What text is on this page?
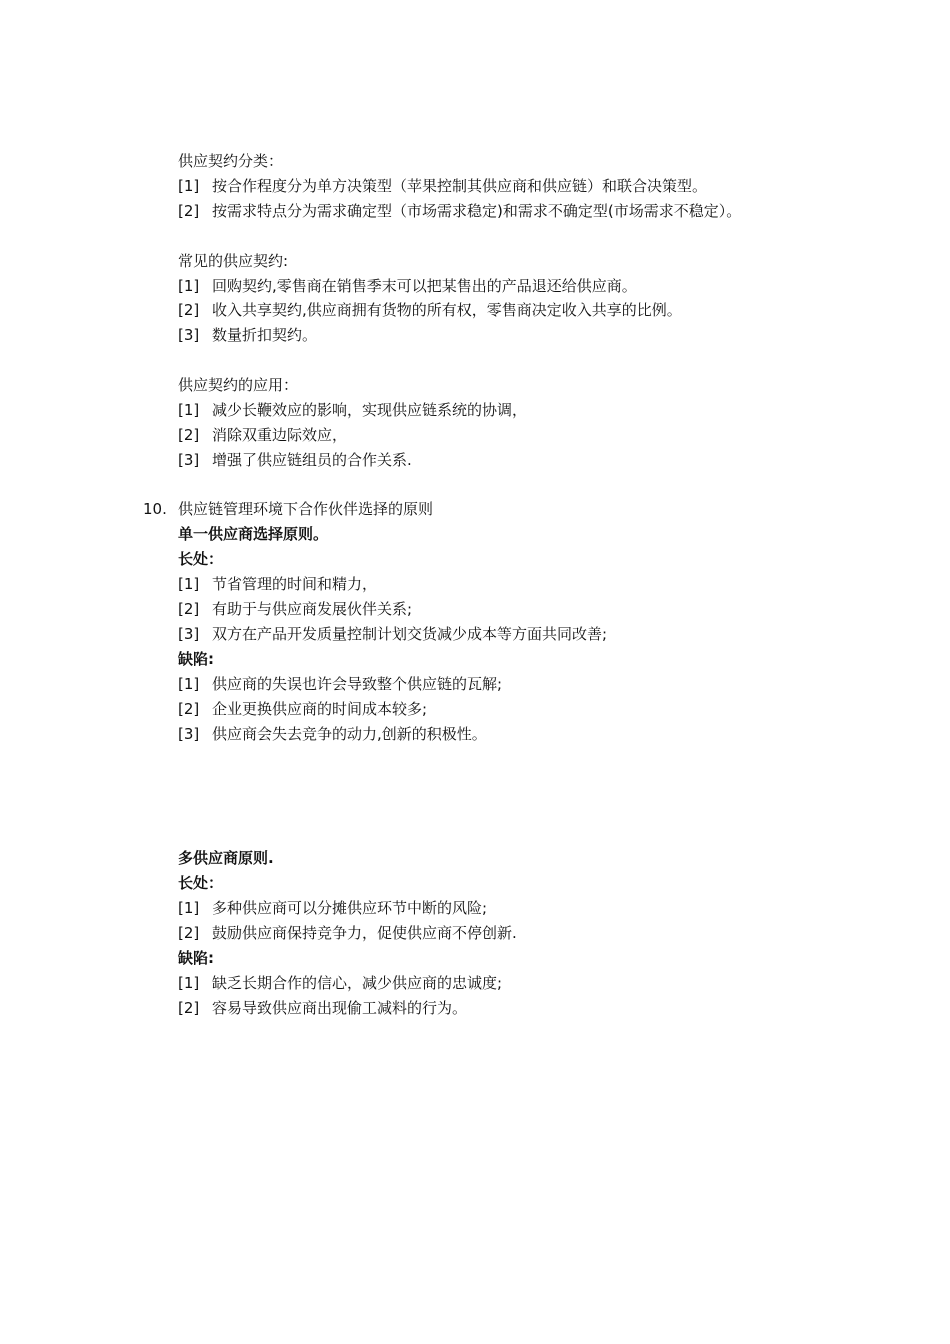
供应契约分类：
[1] 按合作程度分为单方决策型（苹果控制其供应商和供应链）和联合决策型。
[2] 按需求特点分为需求确定型（市场需求稳定)和需求不确定型(市场需求不稳定）。
常见的供应契约:
[1] 回购契约,零售商在销售季末可以把某售出的产品退还给供应商。
[2] 收入共享契约,供应商拥有货物的所有权，零售商决定收入共享的比例。
[3] 数量折扣契约。
供应契约的应用：
[1] 减少长鞭效应的影响，实现供应链系统的协调，
[2] 消除双重边际效应，
[3] 增强了供应链组员的合作关系.
10. 供应链管理环境下合作伙伴选择的原则
单一供应商选择原则。
长处：
[1] 节省管理的时间和精力，
[2] 有助于与供应商发展伙伴关系;
[3] 双方在产品开发质量控制计划交货减少成本等方面共同改善;
缺陷:
[1] 供应商的失误也许会导致整个供应链的瓦解;
[2] 企业更换供应商的时间成本较多;
[3] 供应商会失去竞争的动力,创新的积极性。
多供应商原则.
长处：
[1] 多种供应商可以分摊供应环节中断的风险;
[2] 鼓励供应商保持竞争力，促使供应商不停创新.
缺陷:
[1] 缺乏长期合作的信心，减少供应商的忠诚度;
[2] 容易导致供应商出现偷工减料的行为。
